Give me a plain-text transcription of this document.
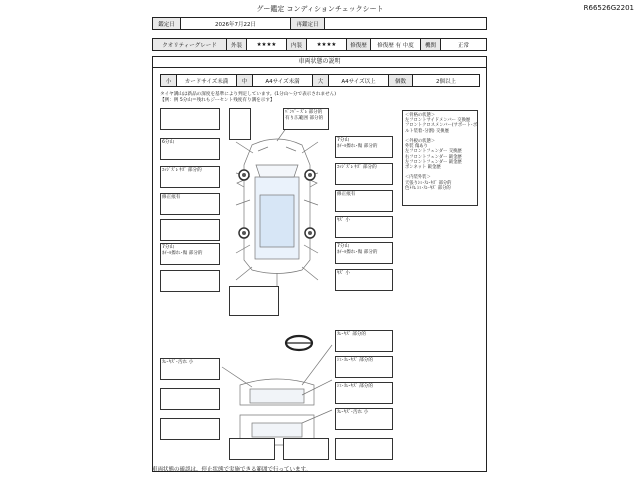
グー鑑定 コンディションチェックシート	R66526G2201
鑑定日	2026年7月22日	再鑑定日	
クオリティーグレード	外装	★★★★	内装	★★★★	修復歴	修復歴 有 中度	機関	正常
車両状態の説明
小	カードサイズ未満	中	A4サイズ未満	大	A4サイズ以上	個数	2個以上
タイヤ溝山は新品の深度を基準により判定しています。(1分山～分で表示されません)
【例：例 5分山＝残れもジーセント残度有り溝を示す】
6分山
ｴｯｼﾞｽﾞﾚ ｷｽﾞ 部分的
修正痕有
7分山
ﾎｲｰﾙ擦れ･傷 部分的
ｽﾚ･ｷｽﾞ･汚れ 小
ﾊﾞﾝﾊﾟｰ ｽﾞﾚ 部分的
有り広範囲 部分的
7分山
ﾎｲｰﾙ擦れ･傷 部分的
ｴｯｼﾞｽﾞﾚ ｷｽﾞ 部分的
修正痕有
ｷｽﾞ 小
7分山
ﾎｲｰﾙ擦れ･傷 部分的
ｷｽﾞ 小
ｽﾚ･ｷｽﾞ 部分的
ｼﾐ･ｽﾚ･ｷｽﾞ 部分的
ｼﾐ･ｽﾚ･ｷｽﾞ 部分的
ｽﾚ･ｷｽﾞ･汚れ 小
＜骨格の状態＞
左フロントサイドメンバー 交換歴
フロントクロスメンバー(サポート･ボ
ルト装着･分割) 交換歴

＜外板の状態＞
外装 傷あり
左フロントフェンダー 交換歴
右フロントフェンダー 鈑金歴
左フロントフェンダー 鈑金歴
ボンネット 鈑金歴

＜内装外装＞
天張りｼﾐ･ｽﾚ･ｷｽﾞ 部分的
色ﾄﾘﾑ ｼﾐ･ｽﾚ･ｷｽﾞ 部分的
車両状態の確認は、停止状態で実施できる範囲で行っています。
